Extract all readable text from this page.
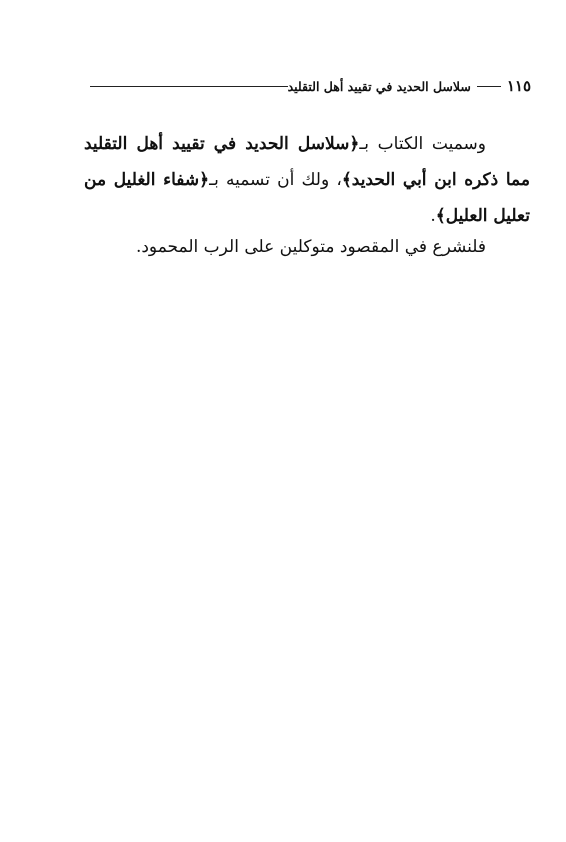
١١٥
سلاسل الحديد في تقييد أهل التقليد

وسميت الكتاب بـ﴿سلاسل الحديد في تقييد أهل التقليد مما ذكره ابن أبي الحديد﴾، ولك أن تسميه بـ﴿شفاء الغليل من تعليل العليل﴾.

فلنشرع في المقصود متوكلين على الرب المحمود.
